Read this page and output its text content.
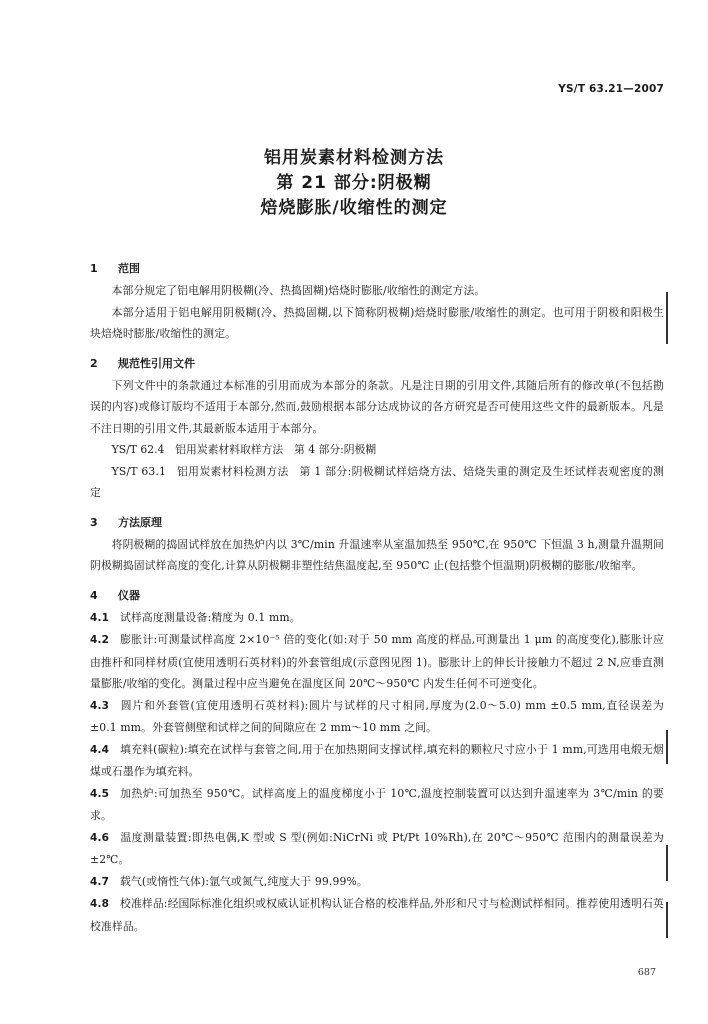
YS/T 63.21—2007
铝用炭素材料检测方法
第 21 部分:阴极糊
焙烧膨胀/收缩性的测定
1 范围
本部分规定了铝电解用阴极糊(冷、热捣固糊)焙烧时膨胀/收缩性的测定方法。
本部分适用于铝电解用阴极糊(冷、热捣固糊,以下简称阴极糊)焙烧时膨胀/收缩性的测定。也可用于阴极和阳极生块焙烧时膨胀/收缩性的测定。
2 规范性引用文件
下列文件中的条款通过本标准的引用而成为本部分的条款。凡是注日期的引用文件,其随后所有的修改单(不包括勘误的内容)或修订版均不适用于本部分,然而,鼓励根据本部分达成协议的各方研究是否可使用这些文件的最新版本。凡是不注日期的引用文件,其最新版本适用于本部分。
YS/T 62.4 铝用炭素材料取样方法 第 4 部分:阴极糊
YS/T 63.1 铝用炭素材料检测方法 第 1 部分:阴极糊试样焙烧方法、焙烧失重的测定及生坯试样表观密度的测定
3 方法原理
将阴极糊的捣固试样放在加热炉内以 3℃/min 升温速率从室温加热至 950℃,在 950℃ 下恒温 3 h,测量升温期间阴极糊捣固试样高度的变化,计算从阴极糊非塑性结焦温度起,至 950℃ 止(包括整个恒温期)阴极糊的膨胀/收缩率。
4 仪器
4.1 试样高度测量设备:精度为 0.1 mm。
4.2 膨胀计:可测量试样高度 2×10⁻⁵ 倍的变化(如:对于 50 mm 高度的样品,可测量出 1 μm 的高度变化),膨胀计应由推杆和同样材质(宜使用透明石英材料)的外套管组成(示意图见图 1)。膨胀计上的伸长计接触力不超过 2 N,应垂直测量膨胀/收缩的变化。测量过程中应当避免在温度区间 20℃～950℃ 内发生任何不可逆变化。
4.3 圆片和外套管(宜使用透明石英材料):圆片与试样的尺寸相同,厚度为(2.0～5.0) mm ±0.5 mm,直径误差为 ±0.1 mm。外套管侧壁和试样之间的间隙应在 2 mm～10 mm 之间。
4.4 填充料(碳粒):填充在试样与套管之间,用于在加热期间支撑试样,填充料的颗粒尺寸应小于 1 mm,可选用电煅无烟煤或石墨作为填充料。
4.5 加热炉:可加热至 950℃。试样高度上的温度梯度小于 10℃,温度控制装置可以达到升温速率为 3℃/min 的要求。
4.6 温度测量装置:即热电偶,K 型或 S 型(例如:NiCrNi 或 Pt/Pt 10%Rh),在 20℃～950℃ 范围内的测量误差为 ±2℃。
4.7 载气(或惰性气体):氩气或氮气,纯度大于 99.99%。
4.8 校准样品:经国际标准化组织或权威认证机构认证合格的校准样品,外形和尺寸与检测试样相同。推荐使用透明石英校准样品。
687
